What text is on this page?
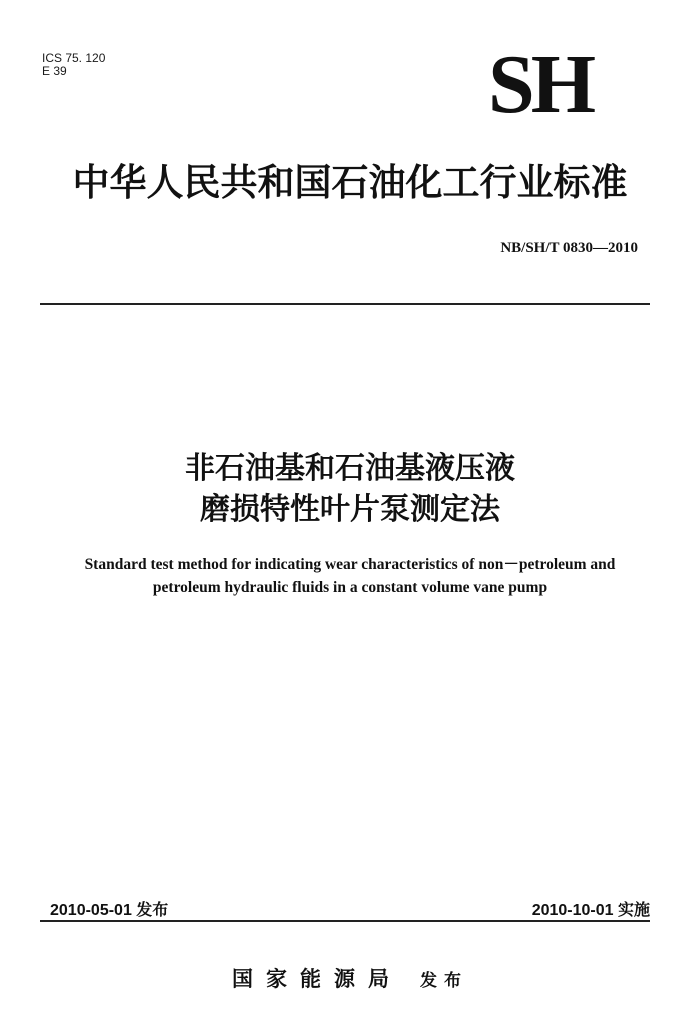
ICS 75. 120
E 39	SH
中华人民共和国石油化工行业标准
NB/SH/T 0830—2010
非石油基和石油基液压液
磨损特性叶片泵测定法
Standard test method for indicating wear characteristics of non－petroleum and
petroleum hydraulic fluids in a constant volume vane pump
2010-05-01 发布	2010-10-01 实施
国家能源局 发布
